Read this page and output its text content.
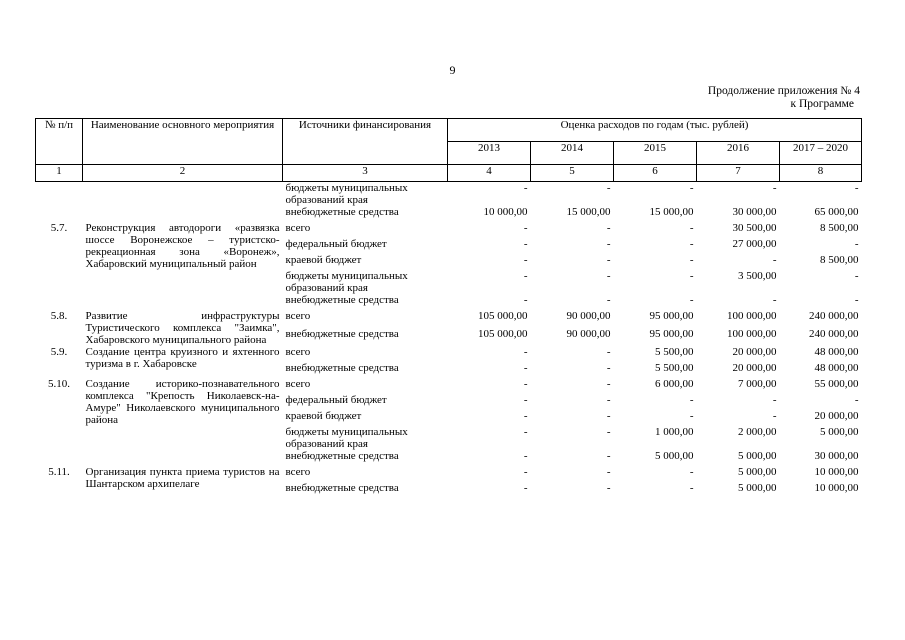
9
Продолжение приложения № 4
к Программе
№ п/п	Наименование основного мероприятия	Источники финансирования	Оценка расходов по годам (тыс. рублей)				
			2013	2014	2015	2016	2017 – 2020
1	2	3	4	5	6	7	8
		бюджеты муниципальных образований края	-	-	-	-	-
		внебюджетные средства	10 000,00	15 000,00	15 000,00	30 000,00	65 000,00
5.7.	Реконструкция автодороги «развязка шоссе Воронежское – туристско-рекреационная зона «Воронеж», Хабаровский муниципальный район	всего	-	-	-	30 500,00	8 500,00
		федеральный бюджет	-	-	-	27 000,00	-
		краевой бюджет	-	-	-	-	8 500,00
		бюджеты муниципальных образований края	-	-	-	3 500,00	-
		внебюджетные средства	-	-	-	-	-
5.8.	Развитие инфраструктуры Туристического комплекса "Заимка", Хабаровского муниципального района	всего	105 000,00	90 000,00	95 000,00	100 000,00	240 000,00
		внебюджетные средства	105 000,00	90 000,00	95 000,00	100 000,00	240 000,00
5.9.	Создание центра круизного и яхтенного туризма в г. Хабаровске	всего	-	-	5 500,00	20 000,00	48 000,00
		внебюджетные средства	-	-	5 500,00	20 000,00	48 000,00
5.10.	Создание историко-познавательного комплекса "Крепость Николаевск-на-Амуре" Николаевского муниципального района	всего	-	-	6 000,00	7 000,00	55 000,00
		федеральный бюджет	-	-	-	-	-
		краевой бюджет	-	-	-	-	20 000,00
		бюджеты муниципальных образований края	-	-	1 000,00	2 000,00	5 000,00
		внебюджетные средства	-	-	5 000,00	5 000,00	30 000,00
5.11.	Организация пункта приема туристов на Шантарском архипелаге	всего	-	-	-	5 000,00	10 000,00
		внебюджетные средства	-	-	-	5 000,00	10 000,00
